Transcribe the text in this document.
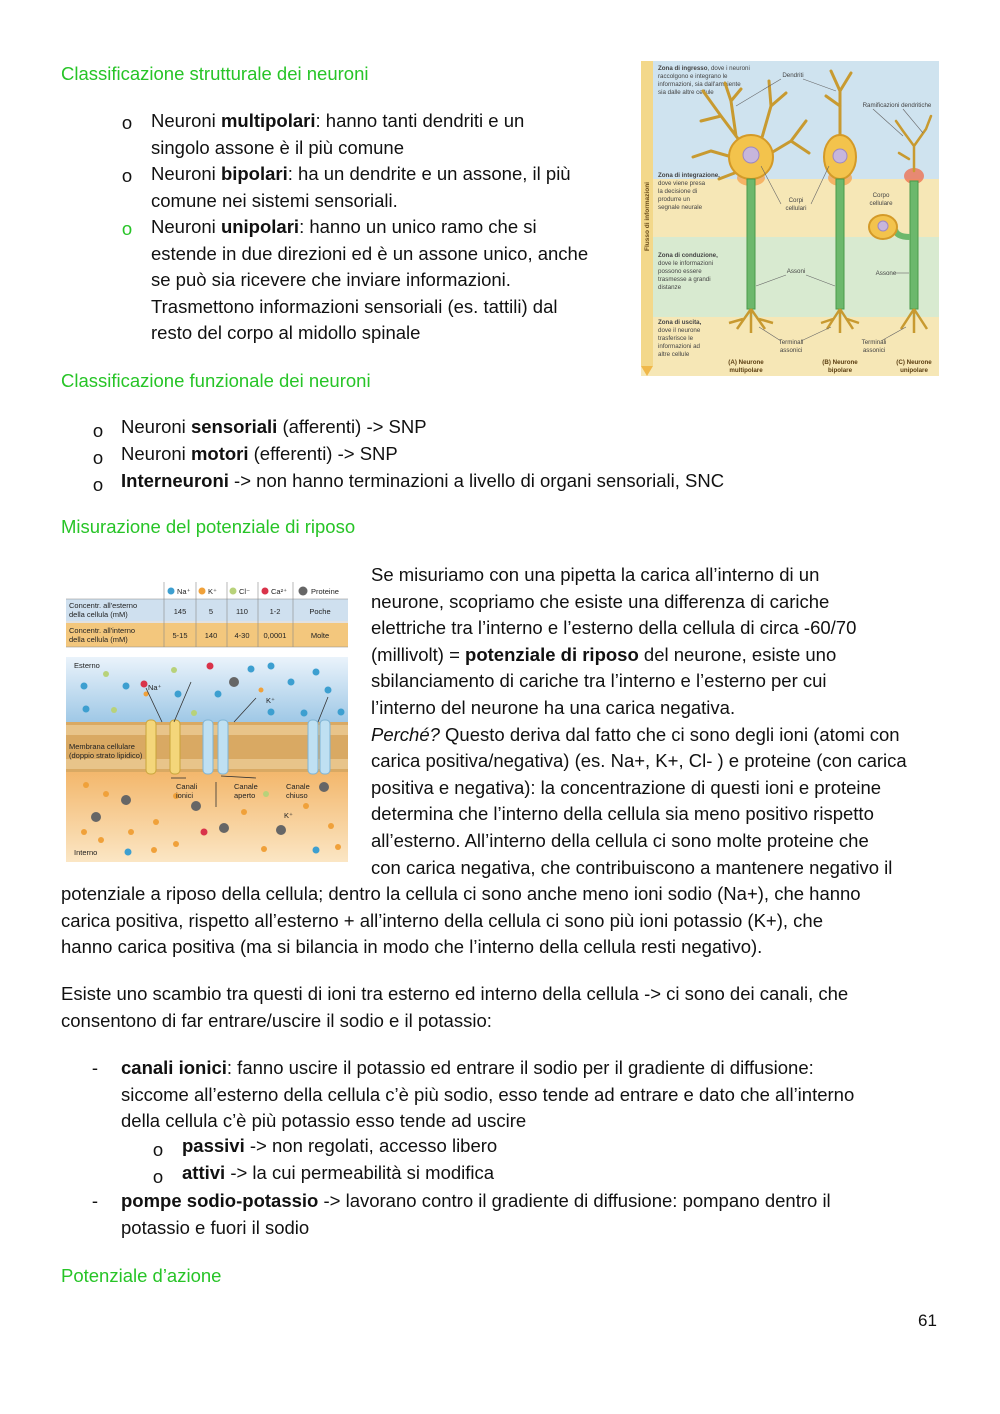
Classificazione strutturale dei neuroni
o Neuroni multipolari: hanno tanti dendriti e un
singolo assone è il più comune
o Neuroni bipolari: ha un dendrite e un assone, il più
comune nei sistemi sensoriali.
o Neuroni unipolari: hanno un unico ramo che si
estende in due direzioni ed è un assone unico, anche
se può sia ricevere che inviare informazioni.
Trasmettono informazioni sensoriali (es. tattili) dal
resto del corpo al midollo spinale
Flusso di informazioni
Zona di ingresso, dove i neuroni
raccolgono e integrano le
informazioni, sia dall'ambiente
sia dalle altre cellule
Zona di integrazione,
dove viene presa
la decisione di
produrre un
segnale neurale
Zona di conduzione,
dove le informazioni
possono essere
trasmesse a grandi
distanze
Zona di uscita,
dove il neurone
trasferisce le
informazioni ad
altre cellule
Dendriti
Ramificazioni dendritiche
Corpi
cellulari
Corpo
cellulare
Assoni	Assone
Terminali
assonici
Terminali
assonici
(A) Neurone
multipolare
(B) Neurone
bipolare
(C) Neurone
unipolare
Classificazione funzionale dei neuroni
o Neuroni sensoriali (afferenti) -> SNP
o Neuroni motori (efferenti) -> SNP
o Interneuroni -> non hanno terminazioni a livello di organi sensoriali, SNC
Misurazione del potenziale di riposo
Na⁺ K⁺	Cl⁻	Ca²⁺	Proteine
Concentr. all'esterno
della cellula (mM)	145	5	110	1-2	Poche
Concentr. all'interno
della cellula (mM)	5-15 140 4-30 0,0001	Molte
Esterno
Interno
Na⁺
K⁺
K⁺
Membrana cellulare
(doppio strato lipidico)
Canali
ionici
Canale
aperto
Canale
chiuso
Se misuriamo con una pipetta la carica all’interno di un
neurone, scopriamo che esiste una differenza di cariche
elettriche tra l’interno e l’esterno della cellula di circa -60/70
(millivolt) = potenziale di riposo del neurone, esiste uno
sbilanciamento di cariche tra l’interno e l’esterno per cui
l’interno del neurone ha una carica negativa.
Perché? Questo deriva dal fatto che ci sono degli ioni (atomi con
carica positiva/negativa) (es. Na+, K+, Cl- ) e proteine (con carica
positiva e negativa): la concentrazione di questi ioni e proteine
determina che l’interno della cellula sia meno positivo rispetto
all’esterno. All’interno della cellula ci sono molte proteine che
con carica negativa, che contribuiscono a mantenere negativo il
potenziale a riposo della cellula; dentro la cellula ci sono anche meno ioni sodio (Na+), che hanno
carica positiva, rispetto all’esterno + all’interno della cellula ci sono più ioni potassio (K+), che
hanno carica positiva (ma si bilancia in modo che l’interno della cellula resti negativo).
Esiste uno scambio tra questi di ioni tra esterno ed interno della cellula -> ci sono dei canali, che
consentono di far entrare/uscire il sodio e il potassio:
- canali ionici: fanno uscire il potassio ed entrare il sodio per il gradiente di diffusione:
siccome all’esterno della cellula c’è più sodio, esso tende ad entrare e dato che all’interno
della cellula c’è più potassio esso tende ad uscire
o passivi -> non regolati, accesso libero
o attivi -> la cui permeabilità si modifica
- pompe sodio-potassio -> lavorano contro il gradiente di diffusione: pompano dentro il
potassio e fuori il sodio
Potenziale d’azione
61
